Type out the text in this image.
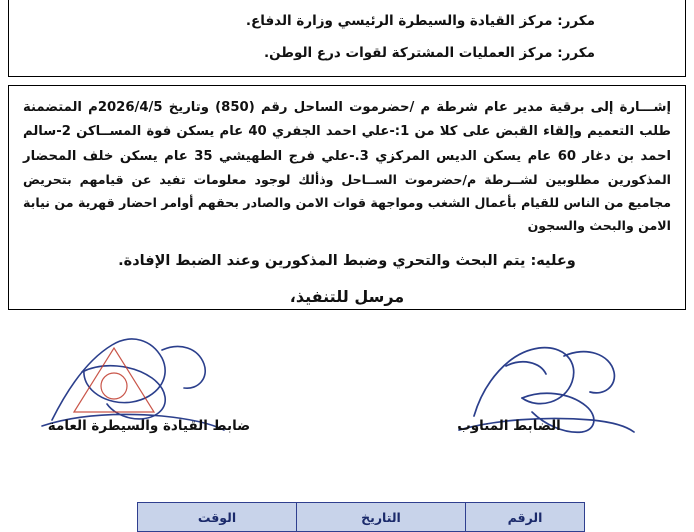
مكرر: مركز القيادة والسيطرة الرئيسي وزارة الدفاع.
مكرر: مركز العمليات المشتركة لقوات درع الوطن.

إشـــارة إلى برقية مدير عام شرطة م /حضرموت الساحل رقم (850) وتاريخ 2026/4/5م المتضمنة طلب التعميم وإلقاء القبض على كلا من 1:-علي احمد الجفري 40 عام يسكن فوة المســاكن 2-سالم احمد بن دغار 60 عام يسكن الديس المركزي 3.-علي فرج الطهيشي 35 عام يسكن خلف المحضار

المذكورين مطلوبين لشــرطة م/حضرموت الســاحل وذألك لوجود معلومات تفيد عن قيامهم بتحريض مجاميع من الناس للقيام بأعمال الشغب ومواجهة قوات الامن والصادر بحقهم أوامر احضار قهرية من نيابة الامن والبحث والسجون

وعليه: يتم البحث والتحري وضبط المذكورين وعند الضبط الإفادة.

مرسل للتنفيذ،

ضابط القيادة والسيطرة العامة	الضابط المناوب
الرقم	التاريخ	الوقت
